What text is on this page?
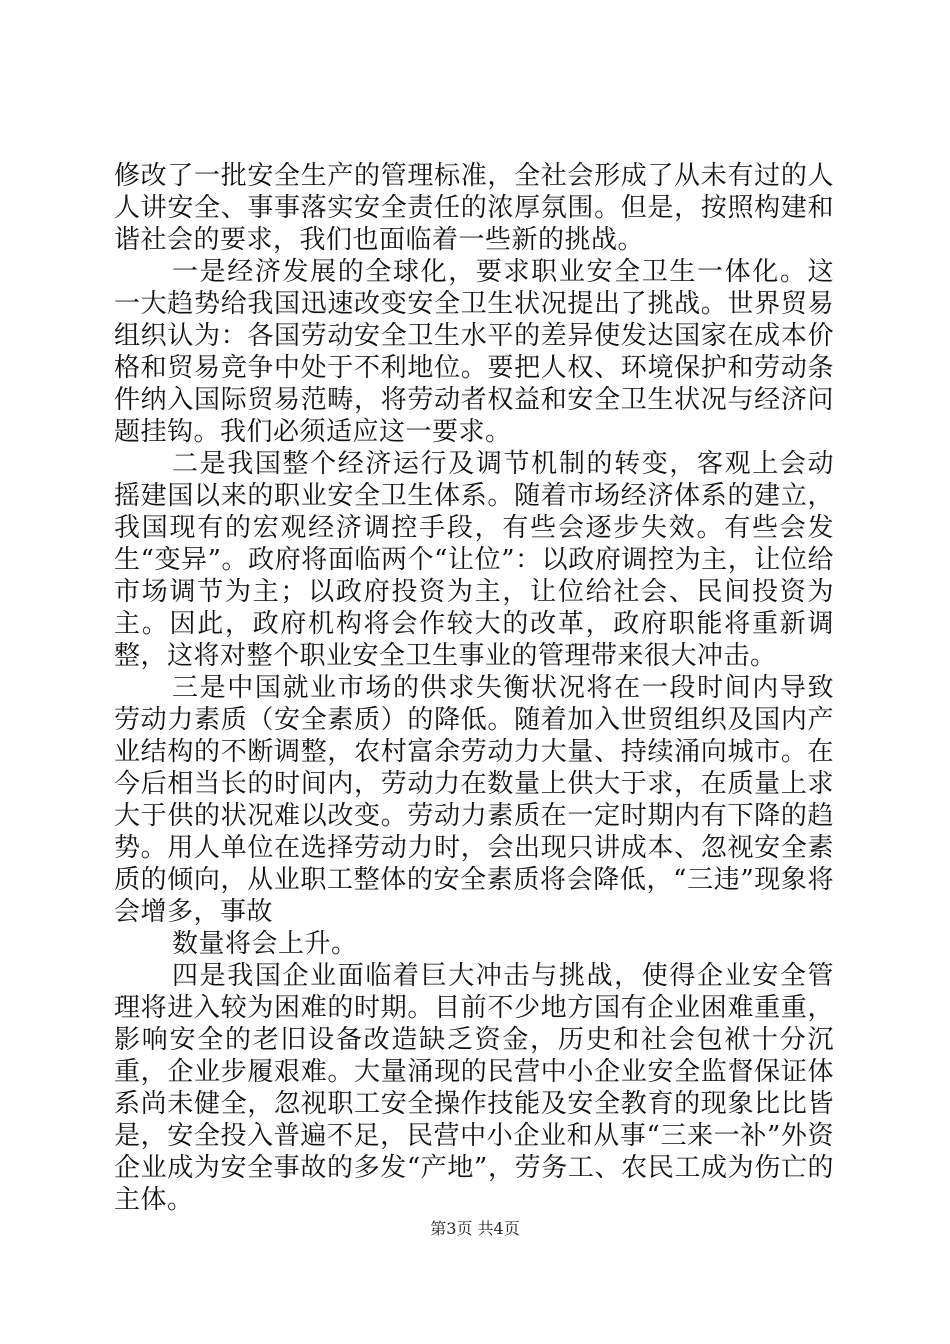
修改了一批安全生产的管理标准，全社会形成了从未有过的人人讲安全、事事落实安全责任的浓厚氛围。但是，按照构建和谐社会的要求，我们也面临着一些新的挑战。

一是经济发展的全球化，要求职业安全卫生一体化。这一大趋势给我国迅速改变安全卫生状况提出了挑战。世界贸易组织认为：各国劳动安全卫生水平的差异使发达国家在成本价格和贸易竞争中处于不利地位。要把人权、环境保护和劳动条件纳入国际贸易范畴，将劳动者权益和安全卫生状况与经济问题挂钩。我们必须适应这一要求。

二是我国整个经济运行及调节机制的转变，客观上会动摇建国以来的职业安全卫生体系。随着市场经济体系的建立，我国现有的宏观经济调控手段，有些会逐步失效。有些会发生“变异”。政府将面临两个“让位”：以政府调控为主，让位给市场调节为主；以政府投资为主，让位给社会、民间投资为主。因此，政府机构将会作较大的改革，政府职能将重新调整，这将对整个职业安全卫生事业的管理带来很大冲击。

三是中国就业市场的供求失衡状况将在一段时间内导致劳动力素质（安全素质）的降低。随着加入世贸组织及国内产业结构的不断调整，农村富余劳动力大量、持续涌向城市。在今后相当长的时间内，劳动力在数量上供大于求，在质量上求大于供的状况难以改变。劳动力素质在一定时期内有下降的趋势。用人单位在选择劳动力时，会出现只讲成本、忽视安全素质的倾向，从业职工整体的安全素质将会降低，“三违”现象将会增多，事故

数量将会上升。

四是我国企业面临着巨大冲击与挑战，使得企业安全管理将进入较为困难的时期。目前不少地方国有企业困难重重，影响安全的老旧设备改造缺乏资金，历史和社会包袱十分沉重，企业步履艰难。大量涌现的民营中小企业安全监督保证体系尚未健全，忽视职工安全操作技能及安全教育的现象比比皆是，安全投入普遍不足，民营中小企业和从事“三来一补”外资企业成为安全事故的多发“产地”，劳务工、农民工成为伤亡的主体。

第3页 共4页
